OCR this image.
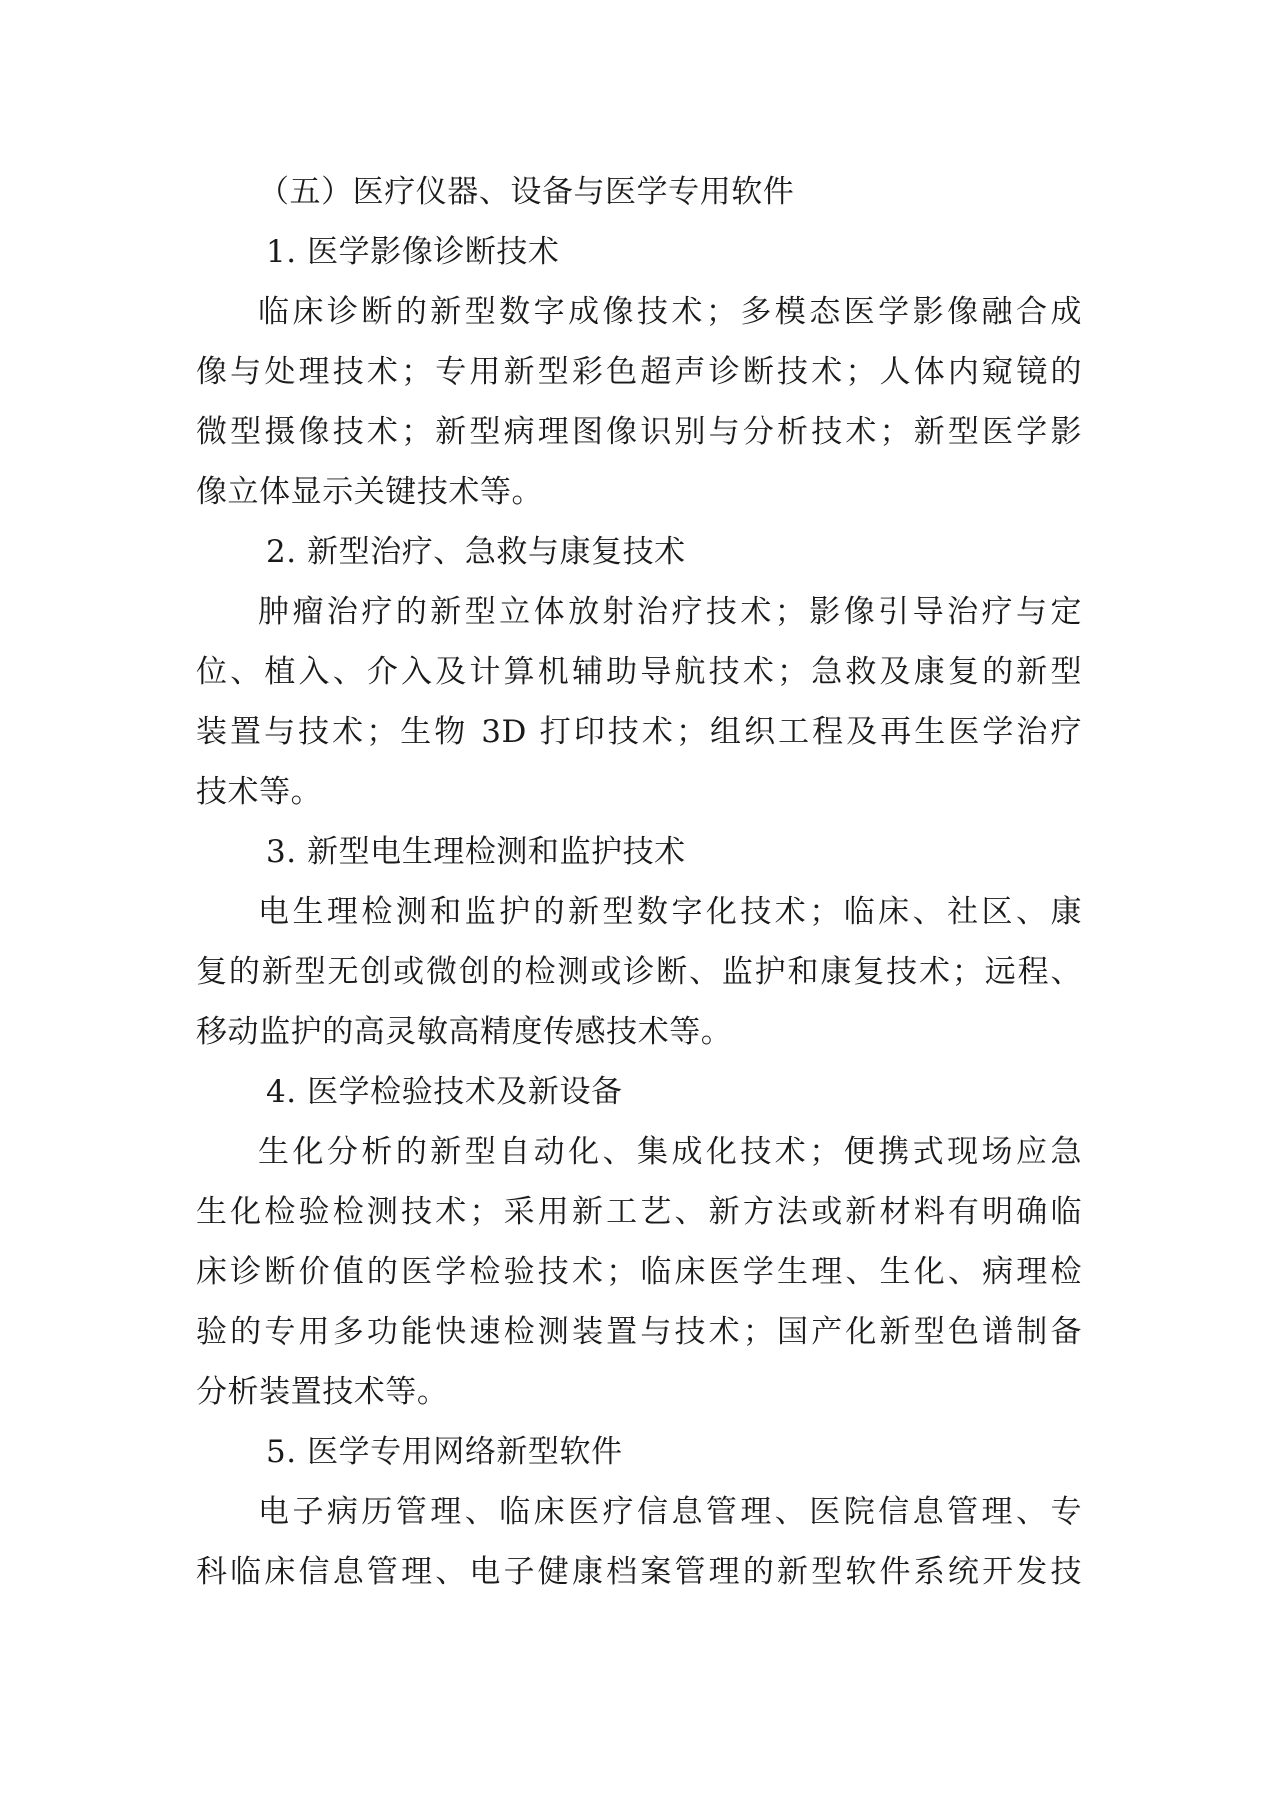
（五）医疗仪器、设备与医学专用软件
1. 医学影像诊断技术
临床诊断的新型数字成像技术；多模态医学影像融合成
像与处理技术；专用新型彩色超声诊断技术；人体内窥镜的
微型摄像技术；新型病理图像识别与分析技术；新型医学影
像立体显示关键技术等。
2. 新型治疗、急救与康复技术
肿瘤治疗的新型立体放射治疗技术；影像引导治疗与定
位、植入、介入及计算机辅助导航技术；急救及康复的新型
装置与技术；生物 3D 打印技术；组织工程及再生医学治疗
技术等。
3. 新型电生理检测和监护技术
电生理检测和监护的新型数字化技术；临床、社区、康
复的新型无创或微创的检测或诊断、监护和康复技术；远程、
移动监护的高灵敏高精度传感技术等。
4. 医学检验技术及新设备
生化分析的新型自动化、集成化技术；便携式现场应急
生化检验检测技术；采用新工艺、新方法或新材料有明确临
床诊断价值的医学检验技术；临床医学生理、生化、病理检
验的专用多功能快速检测装置与技术；国产化新型色谱制备
分析装置技术等。
5. 医学专用网络新型软件
电子病历管理、临床医疗信息管理、医院信息管理、专
科临床信息管理、电子健康档案管理的新型软件系统开发技
